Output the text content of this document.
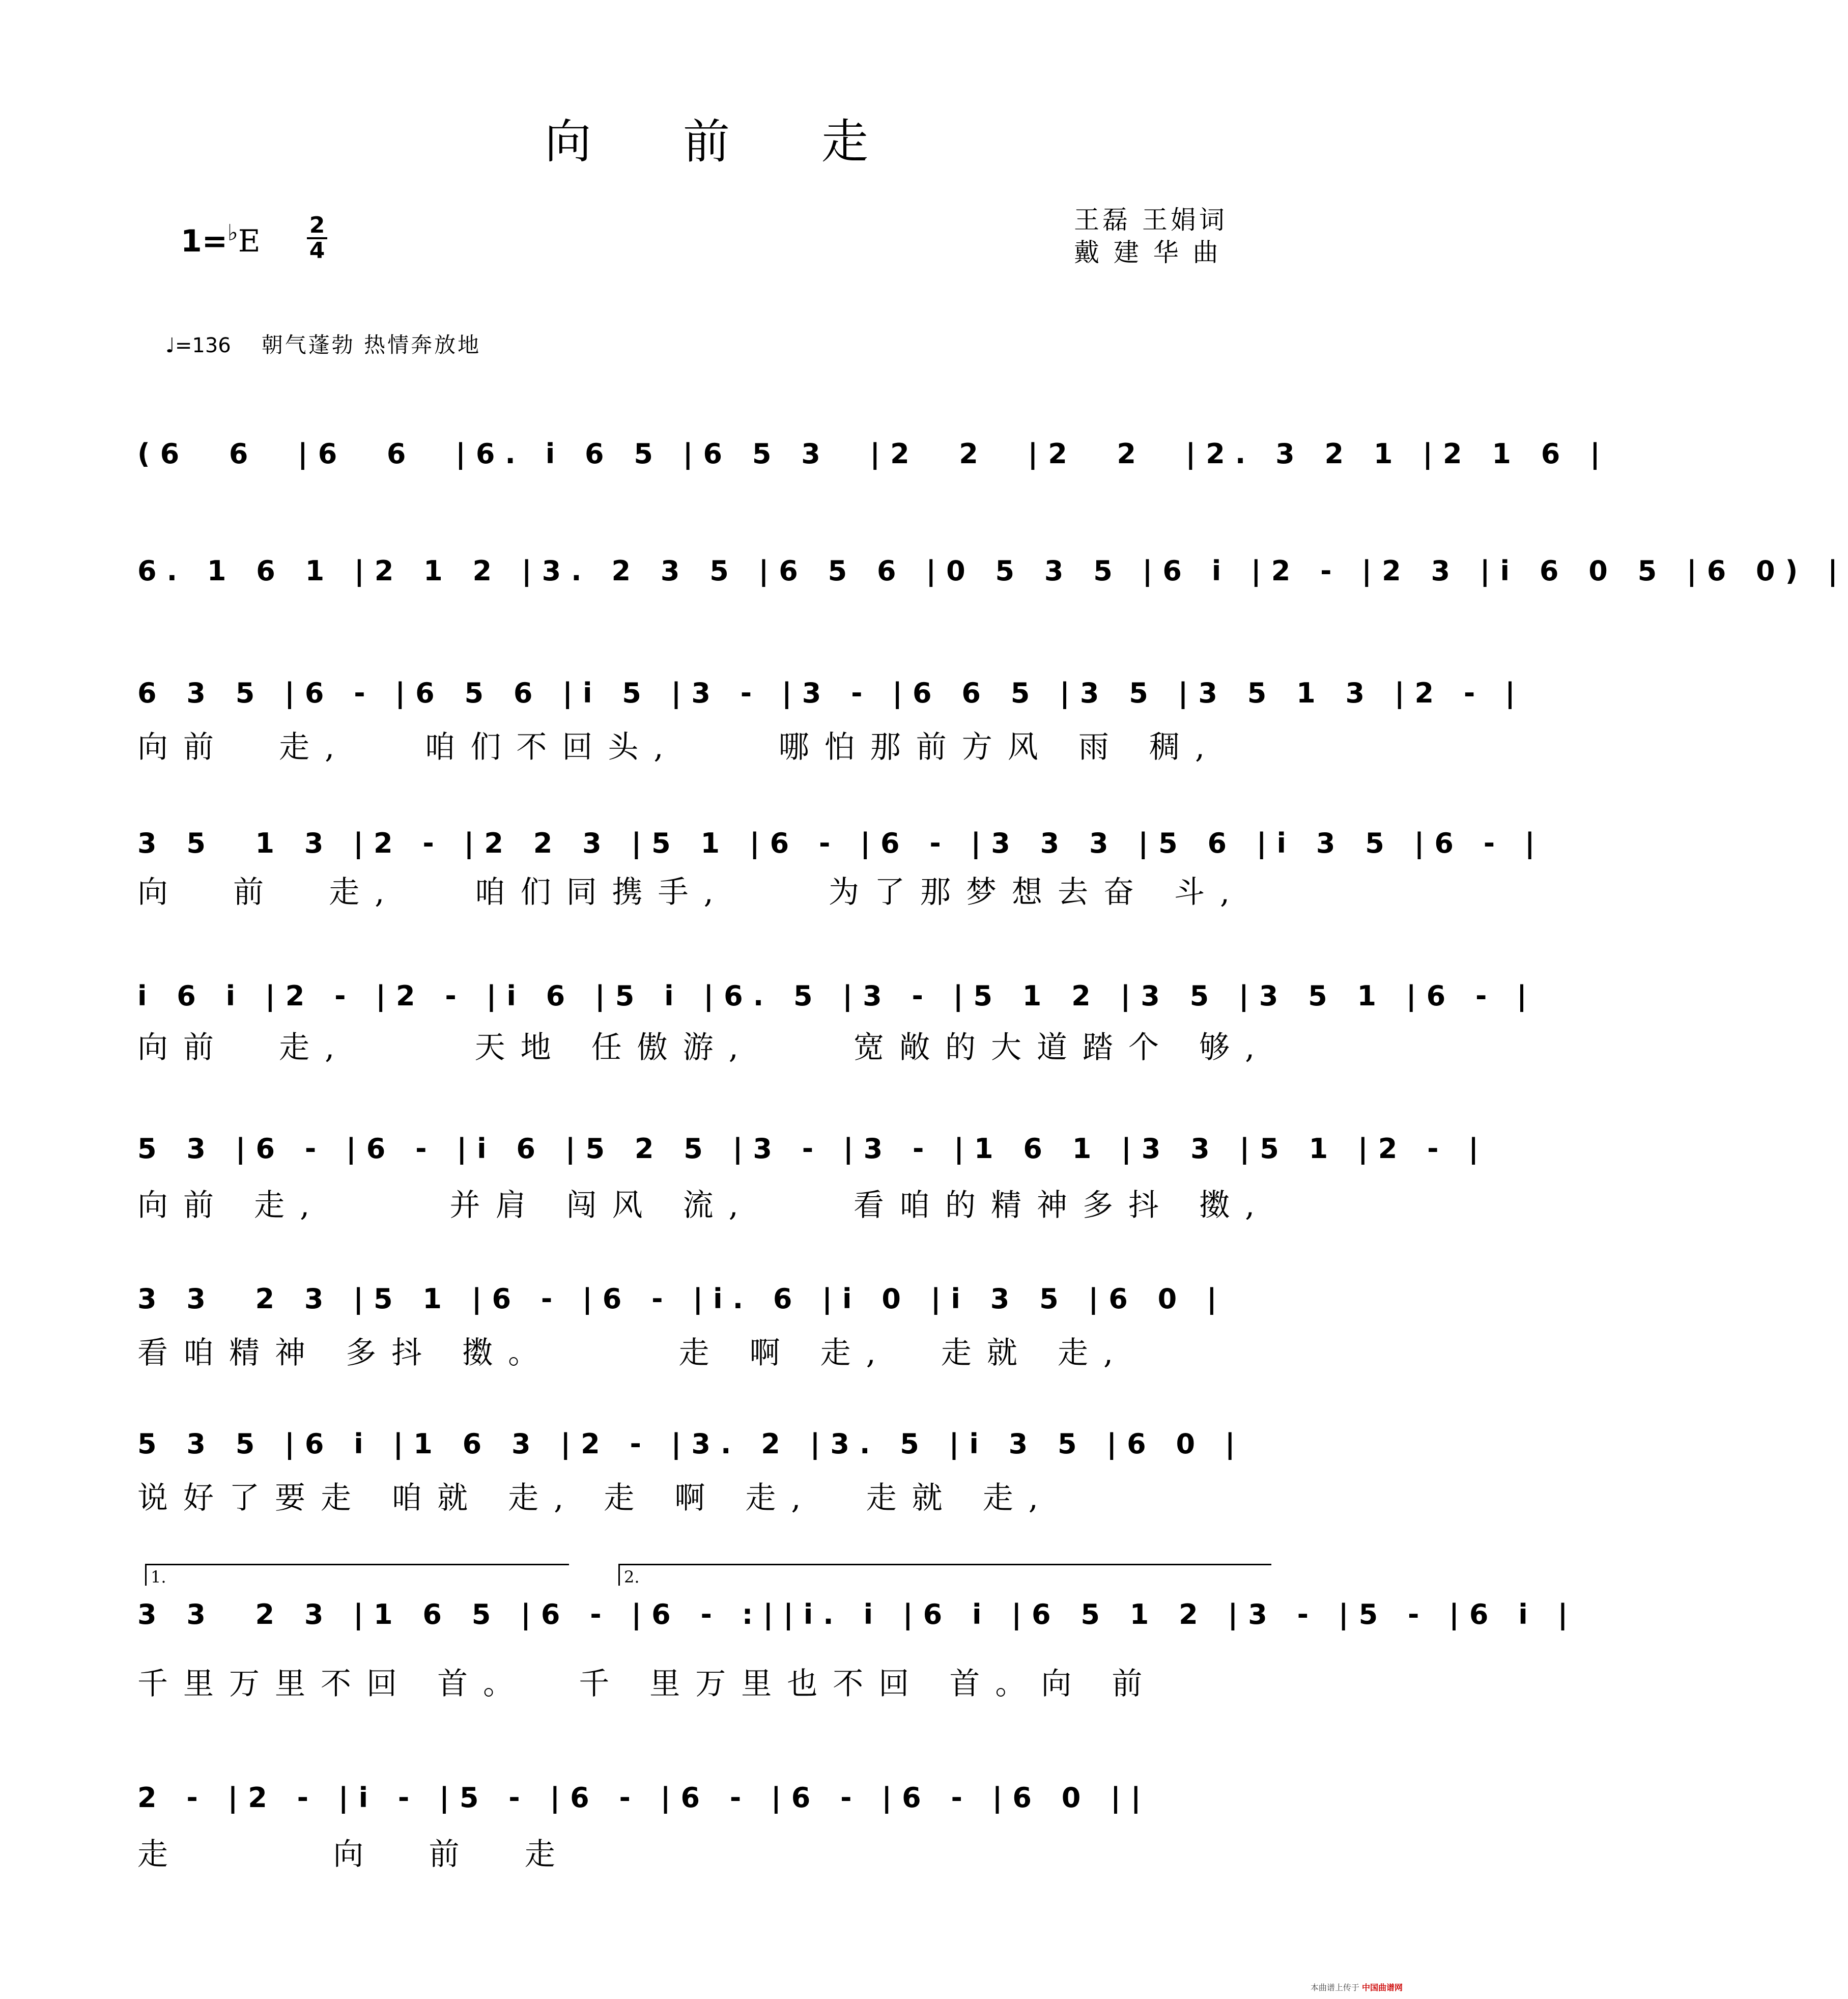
向前走
1=♭E 2
4
王磊 王娟词
戴 建 华 曲
♩=136 朝气蓬勃 热情奔放地
(6  6  |6  6  |6. i 6 5 |6 5 3  |2  2  |2  2  |2. 3 2 1 |2 1 6 |
6. 1 6 1 |2 1 2 |3. 2 3 5 |6 5 6 |0 5 3 5 |6 i |2 - |2 3 |i 6 0 5 |6 0) |
6 3 5 |6 - |6 5 6 |i 5 |3 - |3 - |6 6 5 |3 5 |3 5 1 3 |2 - |
向前  走,   咱们不回头,    哪怕那前方风 雨 稠,
3 5  1 3 |2 - |2 2 3 |5 1 |6 - |6 - |3 3 3 |5 6 |i 3 5 |6 - |
向  前  走,   咱们同携手,    为了那梦想去奋 斗,
i 6 i |2 - |2 - |i 6 |5 i |6. 5 |3 - |5 1 2 |3 5 |3 5 1 |6 - |
向前  走,     天地 任傲游,    宽敞的大道踏个 够,
5 3 |6 - |6 - |i 6 |5 2 5 |3 - |3 - |1 6 1 |3 3 |5 1 |2 - |
向前 走,     并肩 闯风 流,    看咱的精神多抖 擞,
3 3  2 3 |5 1 |6 - |6 - |i. 6 |i 0 |i 3 5 |6 0 |
看咱精神 多抖 擞。     走 啊 走,  走就 走,
5 3 5 |6 i |1 6 3 |2 - |3. 2 |3. 5 |i 3 5 |6 0 |
说好了要走 咱就 走, 走 啊 走,  走就 走,
1.	2.
3 3  2 3 |1 6 5 |6 - |6 - :||i. i |6 i |6 5 1 2 |3 - |5 - |6 i |
千里万里不回 首。  千 里万里也不回 首。向 前
2 - |2 - |i - |5 - |6 - |6 - |6 - |6 - |6 0 ||
走      向  前  走
本曲谱上传于 中国曲谱网
